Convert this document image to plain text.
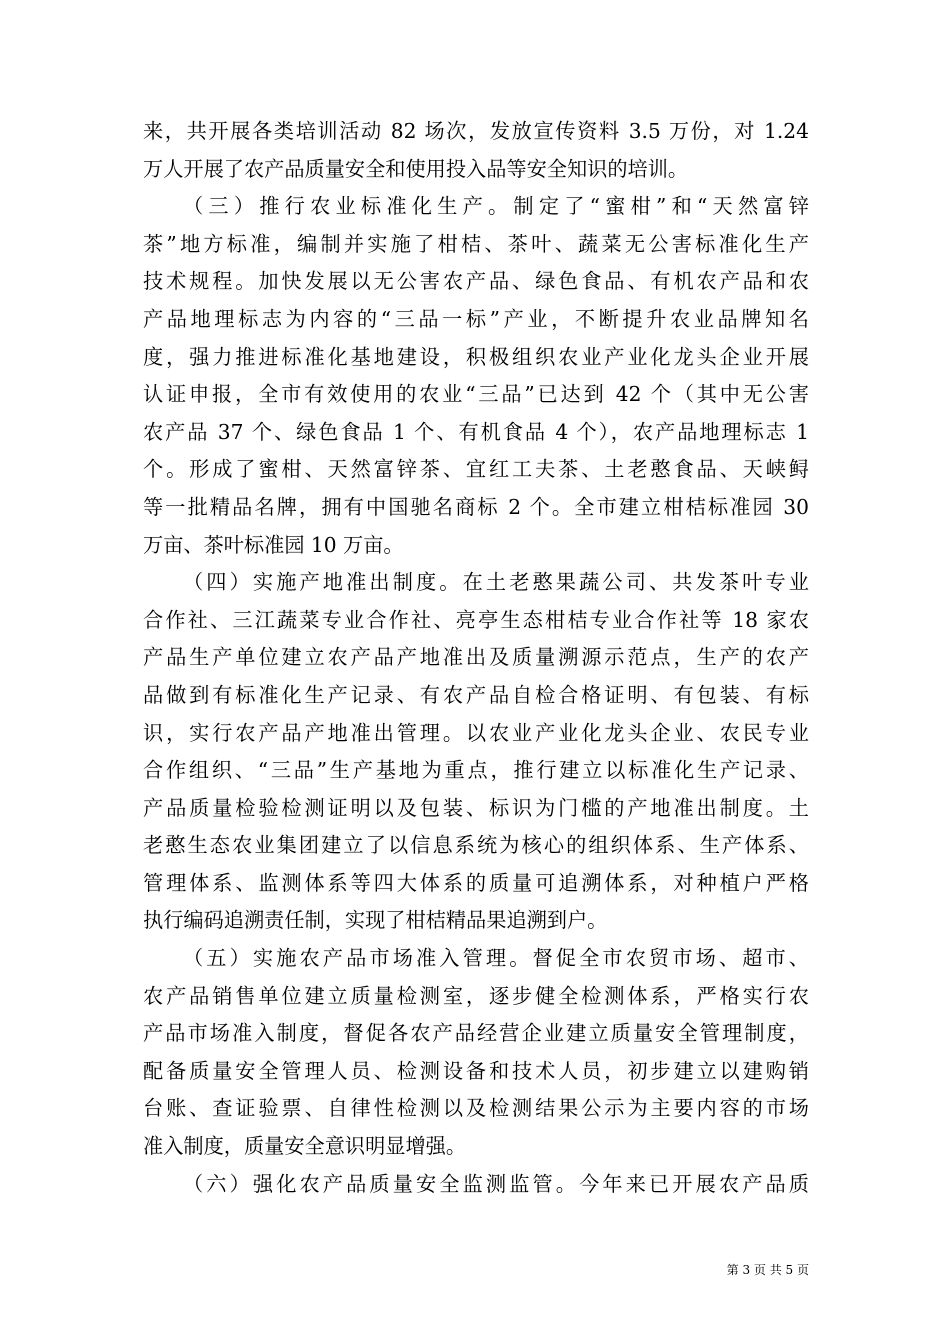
来，共开展各类培训活动 82 场次，发放宣传资料 3.5 万份，对 1.24
万人开展了农产品质量安全和使用投入品等安全知识的培训。
（三）推行农业标准化生产。制定了“蜜柑”和“天然富锌
茶”地方标准，编制并实施了柑桔、茶叶、蔬菜无公害标准化生产
技术规程。加快发展以无公害农产品、绿色食品、有机农产品和农
产品地理标志为内容的“三品一标”产业，不断提升农业品牌知名
度，强力推进标准化基地建设，积极组织农业产业化龙头企业开展
认证申报，全市有效使用的农业“三品”已达到 42 个（其中无公害
农产品 37 个、绿色食品 1 个、有机食品 4 个），农产品地理标志 1
个。形成了蜜柑、天然富锌茶、宜红工夫茶、土老憨食品、天峡鲟
等一批精品名牌，拥有中国驰名商标 2 个。全市建立柑桔标准园 30
万亩、茶叶标准园 10 万亩。
（四）实施产地准出制度。在土老憨果蔬公司、共发茶叶专业
合作社、三江蔬菜专业合作社、亮亭生态柑桔专业合作社等 18 家农
产品生产单位建立农产品产地准出及质量溯源示范点，生产的农产
品做到有标准化生产记录、有农产品自检合格证明、有包装、有标
识，实行农产品产地准出管理。以农业产业化龙头企业、农民专业
合作组织、“三品”生产基地为重点，推行建立以标准化生产记录、
产品质量检验检测证明以及包装、标识为门槛的产地准出制度。土
老憨生态农业集团建立了以信息系统为核心的组织体系、生产体系、
管理体系、监测体系等四大体系的质量可追溯体系，对种植户严格
执行编码追溯责任制，实现了柑桔精品果追溯到户。
（五）实施农产品市场准入管理。督促全市农贸市场、超市、
农产品销售单位建立质量检测室，逐步健全检测体系，严格实行农
产品市场准入制度，督促各农产品经营企业建立质量安全管理制度，
配备质量安全管理人员、检测设备和技术人员，初步建立以建购销
台账、查证验票、自律性检测以及检测结果公示为主要内容的市场
准入制度，质量安全意识明显增强。
（六）强化农产品质量安全监测监管。今年来已开展农产品质
第 3 页 共 5 页
